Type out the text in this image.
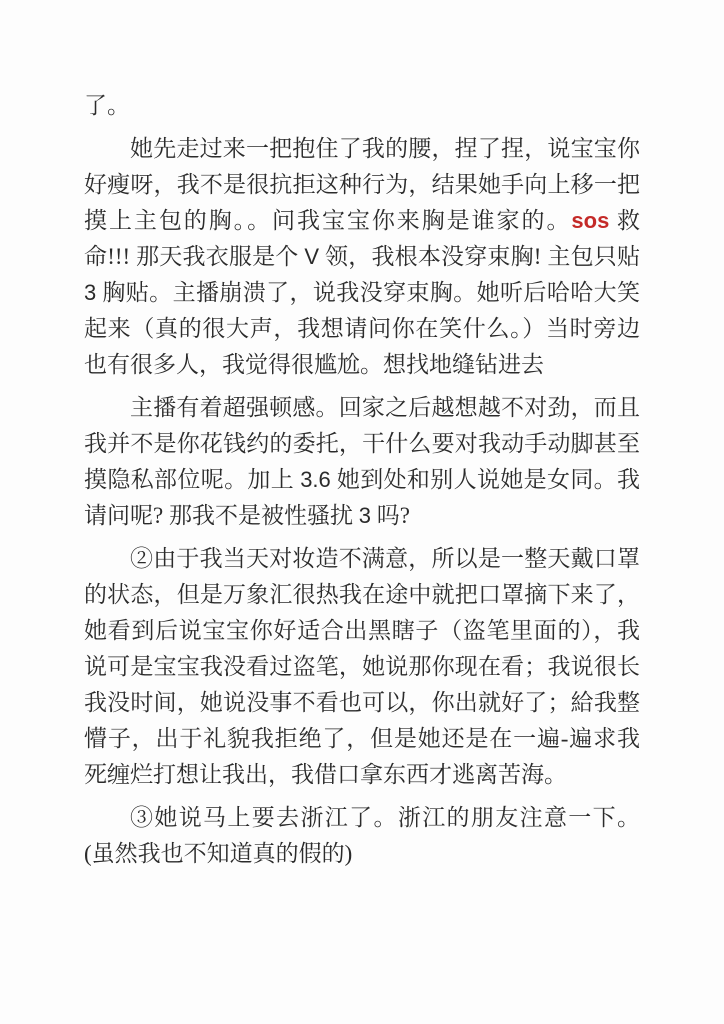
了。

她先走过来一把抱住了我的腰，捏了捏，说宝宝你好瘦呀，我不是很抗拒这种行为，结果她手向上移一把摸上主包的胸。。问我宝宝你来胸是谁家的。sos 救命!!! 那天我衣服是个 V 领，我根本没穿束胸! 主包只贴 3 胸贴。主播崩溃了，说我没穿束胸。她听后哈哈大笑起来（真的很大声，我想请问你在笑什么。）当时旁边也有很多人，我觉得很尴尬。想找地缝钻进去

主播有着超强顿感。回家之后越想越不对劲，而且我并不是你花钱约的委托，干什么要对我动手动脚甚至摸隐私部位呢。加上 3.6 她到处和别人说她是女同。我请问呢? 那我不是被性骚扰 3 吗?

②由于我当天对妆造不满意，所以是一整天戴口罩的状态，但是万象汇很热我在途中就把口罩摘下来了，她看到后说宝宝你好适合出黑瞎子（盗笔里面的），我说可是宝宝我没看过盗笔，她说那你现在看；我说很长我没时间，她说没事不看也可以，你出就好了；給我整懵子，出于礼貌我拒绝了，但是她还是在一遍-遍求我死缠烂打想让我出，我借口拿东西才逃离苦海。

③她说马上要去浙江了。浙江的朋友注意一下。(虽然我也不知道真的假的)
